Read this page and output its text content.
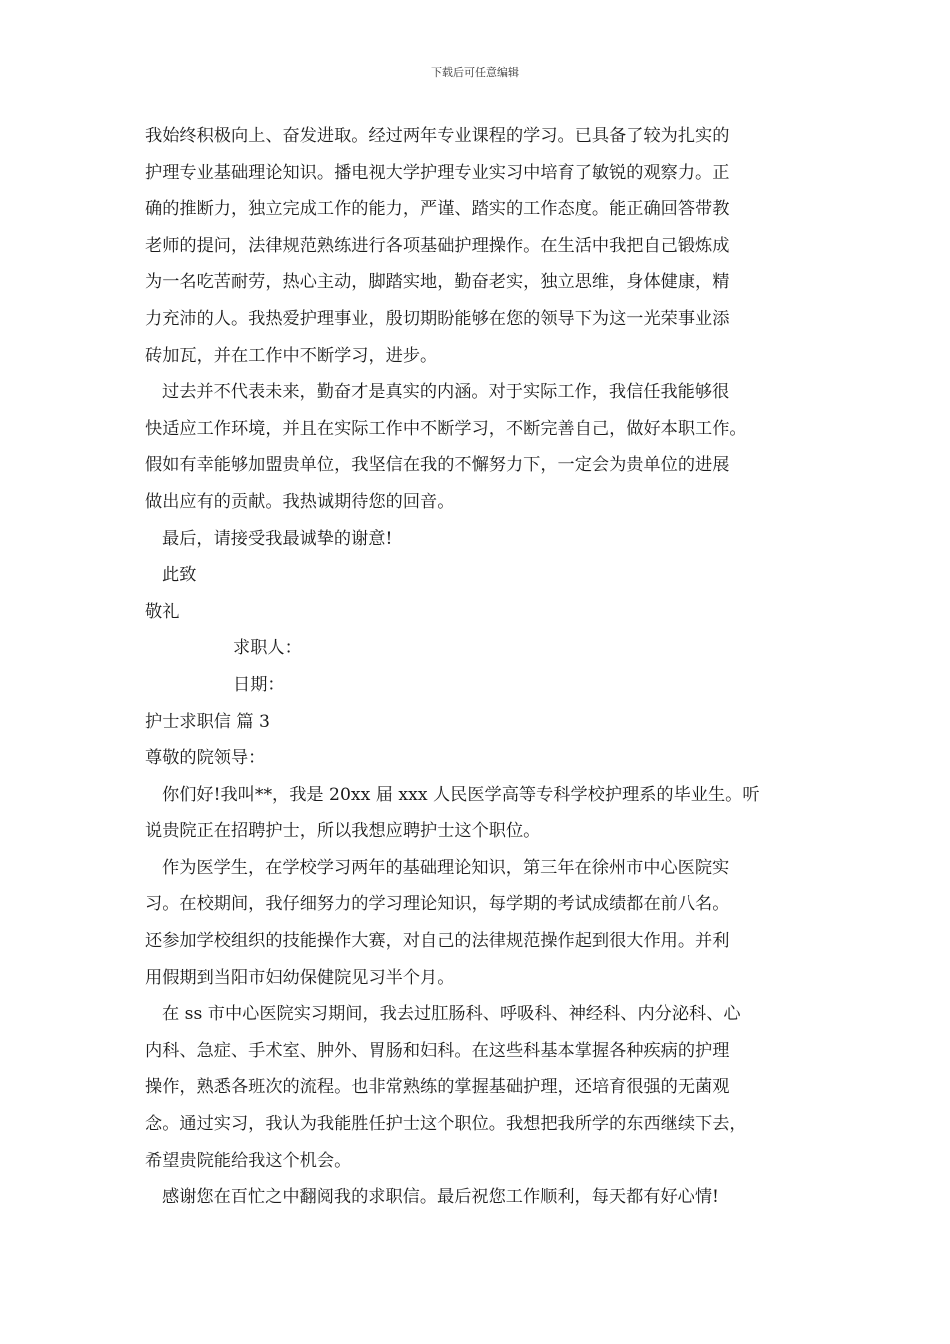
下载后可任意编辑
我始终积极向上、奋发进取。经过两年专业课程的学习。已具备了较为扎实的
护理专业基础理论知识。播电视大学护理专业实习中培育了敏锐的观察力。正
确的推断力，独立完成工作的能力，严谨、踏实的工作态度。能正确回答带教
老师的提问，法律规范熟练进行各项基础护理操作。在生活中我把自己锻炼成
为一名吃苦耐劳，热心主动，脚踏实地，勤奋老实，独立思维，身体健康，精
力充沛的人。我热爱护理事业，殷切期盼能够在您的领导下为这一光荣事业添
砖加瓦，并在工作中不断学习，进步。
过去并不代表未来，勤奋才是真实的内涵。对于实际工作，我信任我能够很
快适应工作环境，并且在实际工作中不断学习，不断完善自己，做好本职工作。
假如有幸能够加盟贵单位，我坚信在我的不懈努力下，一定会为贵单位的进展
做出应有的贡献。我热诚期待您的回音。
最后，请接受我最诚挚的谢意!
此致
敬礼
求职人：
日期：
护士求职信 篇 3
尊敬的院领导：
你们好!我叫**，我是 20xx 届 xxx 人民医学高等专科学校护理系的毕业生。听
说贵院正在招聘护士，所以我想应聘护士这个职位。
作为医学生，在学校学习两年的基础理论知识，第三年在徐州市中心医院实
习。在校期间，我仔细努力的学习理论知识，每学期的考试成绩都在前八名。
还参加学校组织的技能操作大赛，对自己的法律规范操作起到很大作用。并利
用假期到当阳市妇幼保健院见习半个月。
在 ss 市中心医院实习期间，我去过肛肠科、呼吸科、神经科、内分泌科、心
内科、急症、手术室、肿外、胃肠和妇科。在这些科基本掌握各种疾病的护理
操作，熟悉各班次的流程。也非常熟练的掌握基础护理，还培育很强的无菌观
念。通过实习，我认为我能胜任护士这个职位。我想把我所学的东西继续下去，
希望贵院能给我这个机会。
感谢您在百忙之中翻阅我的求职信。最后祝您工作顺利，每天都有好心情!
